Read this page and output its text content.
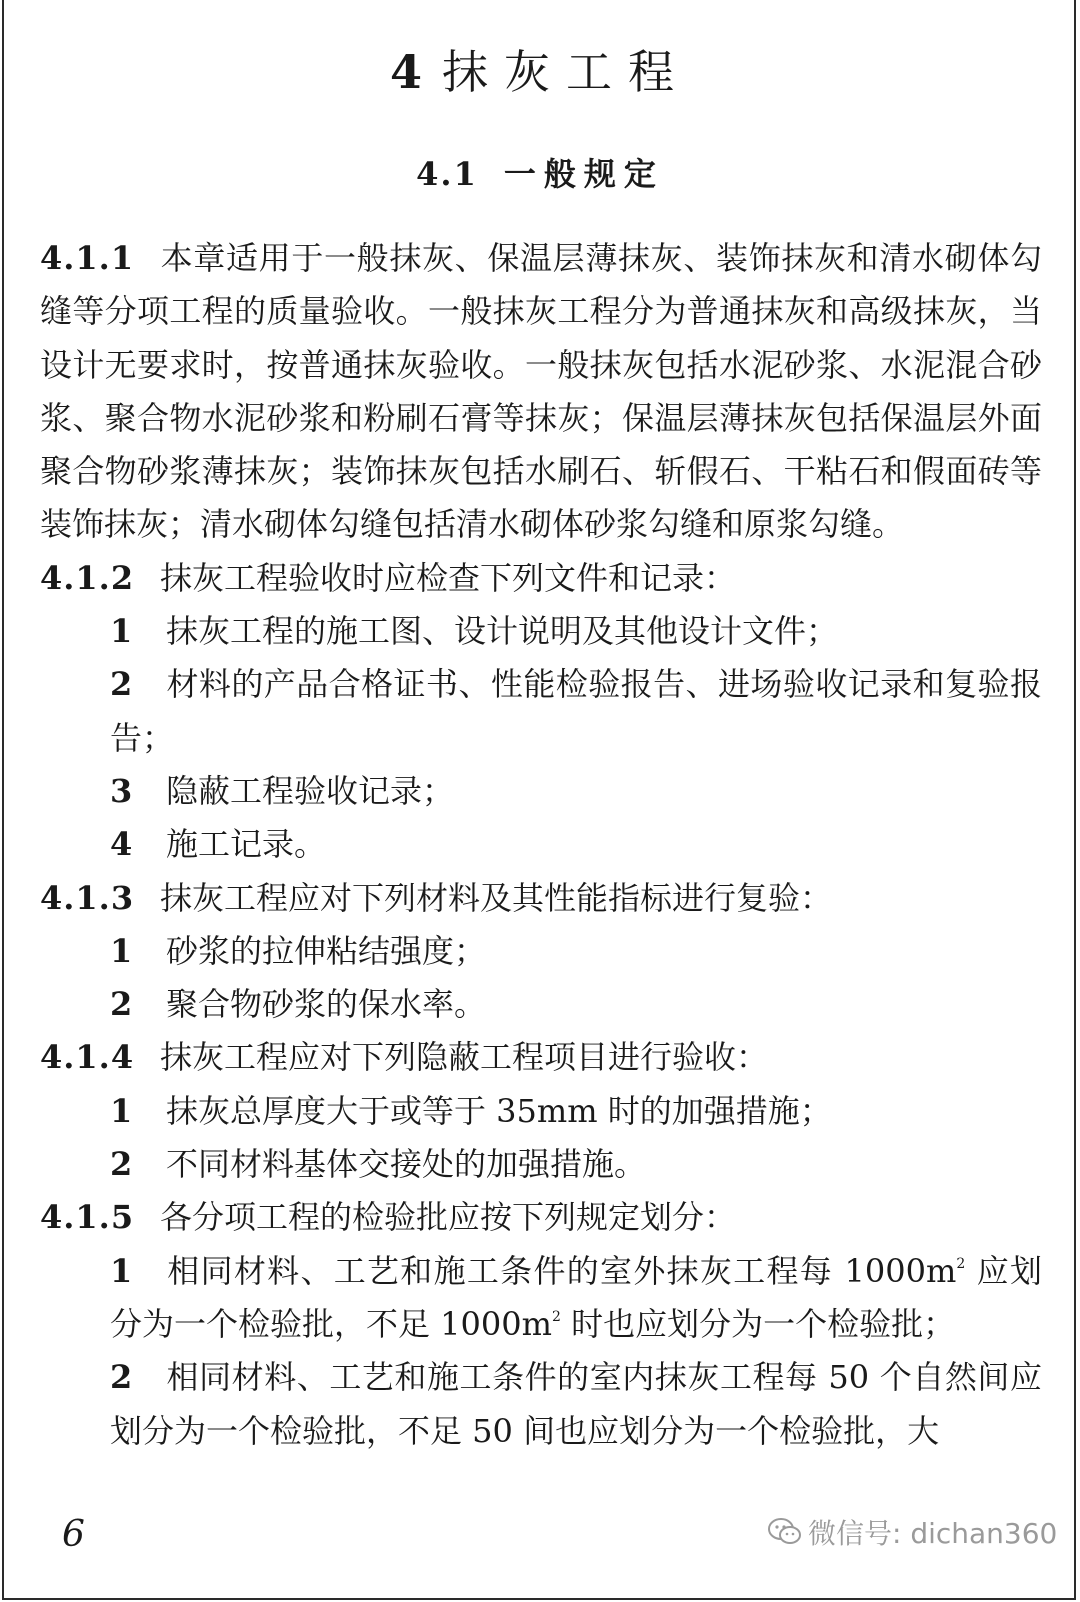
4 抹灰工程
4.1 一般规定

4.1.1 本章适用于一般抹灰、保温层薄抹灰、装饰抹灰和清水砌体勾缝等分项工程的质量验收。一般抹灰工程分为普通抹灰和高级抹灰，当设计无要求时，按普通抹灰验收。一般抹灰包括水泥砂浆、水泥混合砂浆、聚合物水泥砂浆和粉刷石膏等抹灰；保温层薄抹灰包括保温层外面聚合物砂浆薄抹灰；装饰抹灰包括水刷石、斩假石、干粘石和假面砖等装饰抹灰；清水砌体勾缝包括清水砌体砂浆勾缝和原浆勾缝。

4.1.2 抹灰工程验收时应检查下列文件和记录：

1 抹灰工程的施工图、设计说明及其他设计文件；

2 材料的产品合格证书、性能检验报告、进场验收记录和复验报告；

3 隐蔽工程验收记录；

4 施工记录。

4.1.3 抹灰工程应对下列材料及其性能指标进行复验：

1 砂浆的拉伸粘结强度；

2 聚合物砂浆的保水率。

4.1.4 抹灰工程应对下列隐蔽工程项目进行验收：

1 抹灰总厚度大于或等于 35mm 时的加强措施；

2 不同材料基体交接处的加强措施。

4.1.5 各分项工程的检验批应按下列规定划分：

1 相同材料、工艺和施工条件的室外抹灰工程每 $1000m^2$ 应划分为一个检验批，不足 $1000m^2$ 时也应划分为一个检验批；

2 相同材料、工艺和施工条件的室内抹灰工程每 50 个自然间应划分为一个检验批，不足 50 间也应划分为一个检验批，大

6	微信号: dichan360
